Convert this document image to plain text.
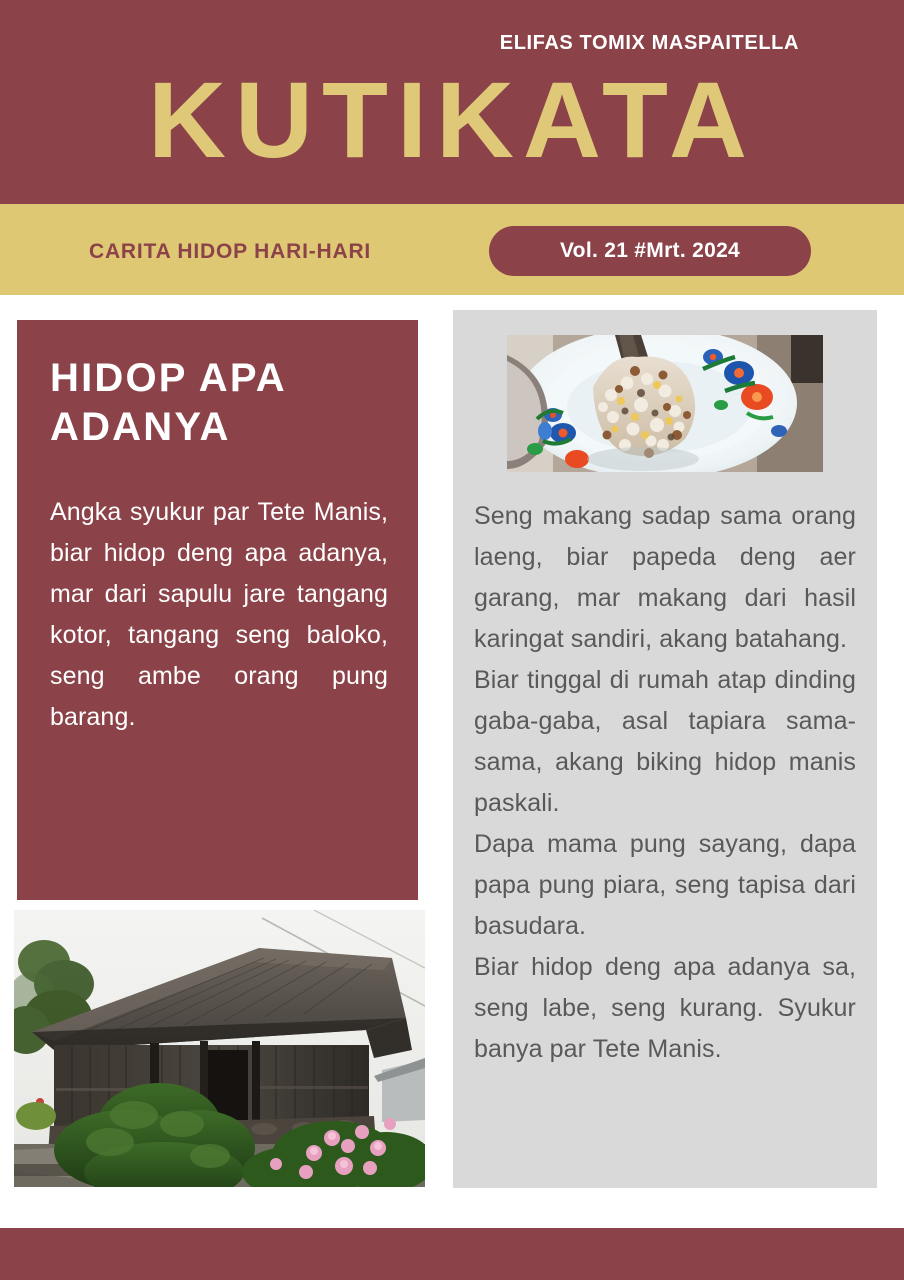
ELIFAS TOMIX MASPAITELLA
KUTIKATA
CARITA HIDOP HARI-HARI	Vol. 21 #Mrt. 2024
HIDOP APA ADANYA

Angka syukur par Tete Manis, biar hidop deng apa adanya, mar dari sapulu jare tangang kotor, tangang seng baloko, seng ambe orang pung barang.

Seng makang sadap sama orang laeng, biar papeda deng aer garang, mar makang dari hasil karingat sandiri, akang batahang.

Biar tinggal di rumah atap dinding gaba-gaba, asal tapiara sama-sama, akang biking hidop manis paskali.

Dapa mama pung sayang, dapa papa pung piara, seng tapisa dari basudara.

Biar hidop deng apa adanya sa, seng labe, seng kurang. Syukur banya par Tete Manis.
